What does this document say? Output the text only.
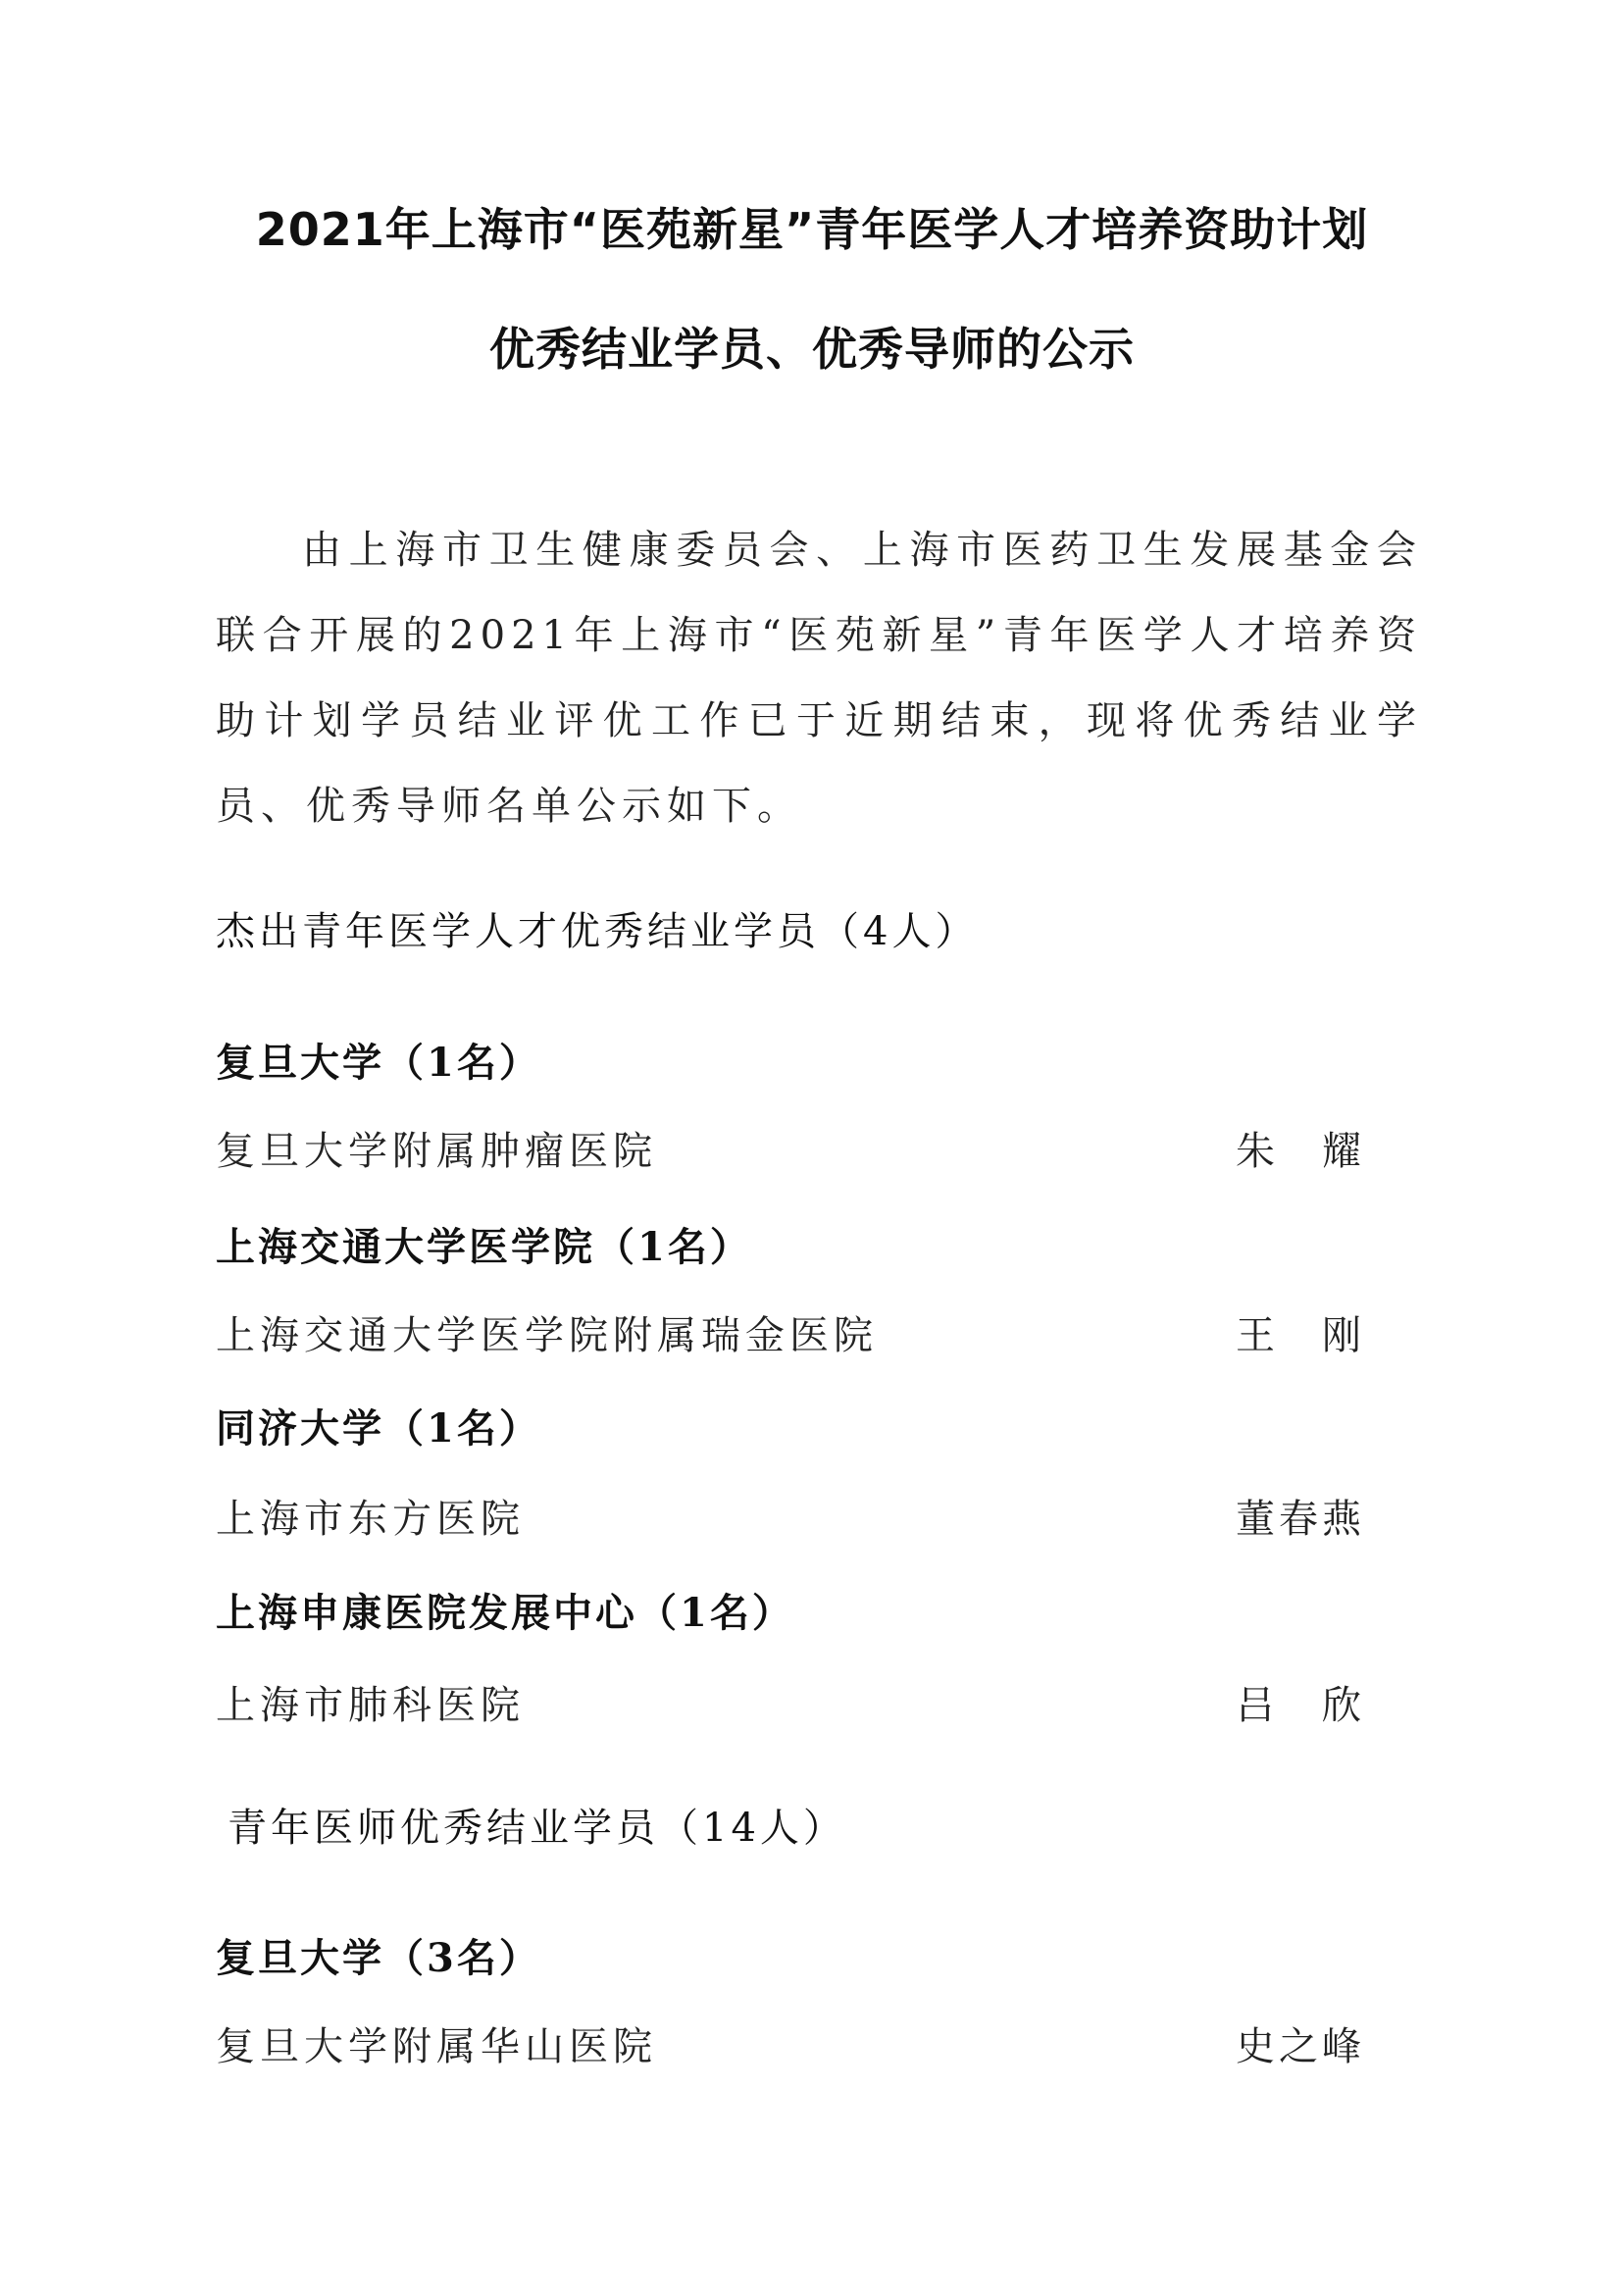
2021年上海市“医苑新星”青年医学人才培养资助计划
优秀结业学员、优秀导师的公示
由上海市卫生健康委员会、上海市医药卫生发展基金会联合开展的2021年上海市“医苑新星”青年医学人才培养资助计划学员结业评优工作已于近期结束，现将优秀结业学员、优秀导师名单公示如下。
杰出青年医学人才优秀结业学员（4人）
复旦大学（1名）
复旦大学附属肿瘤医院	朱　耀
上海交通大学医学院（1名）
上海交通大学医学院附属瑞金医院	王　刚
同济大学（1名）
上海市东方医院	董春燕
上海申康医院发展中心（1名）
上海市肺科医院	吕　欣
青年医师优秀结业学员（14人）
复旦大学（3名）
复旦大学附属华山医院	史之峰
